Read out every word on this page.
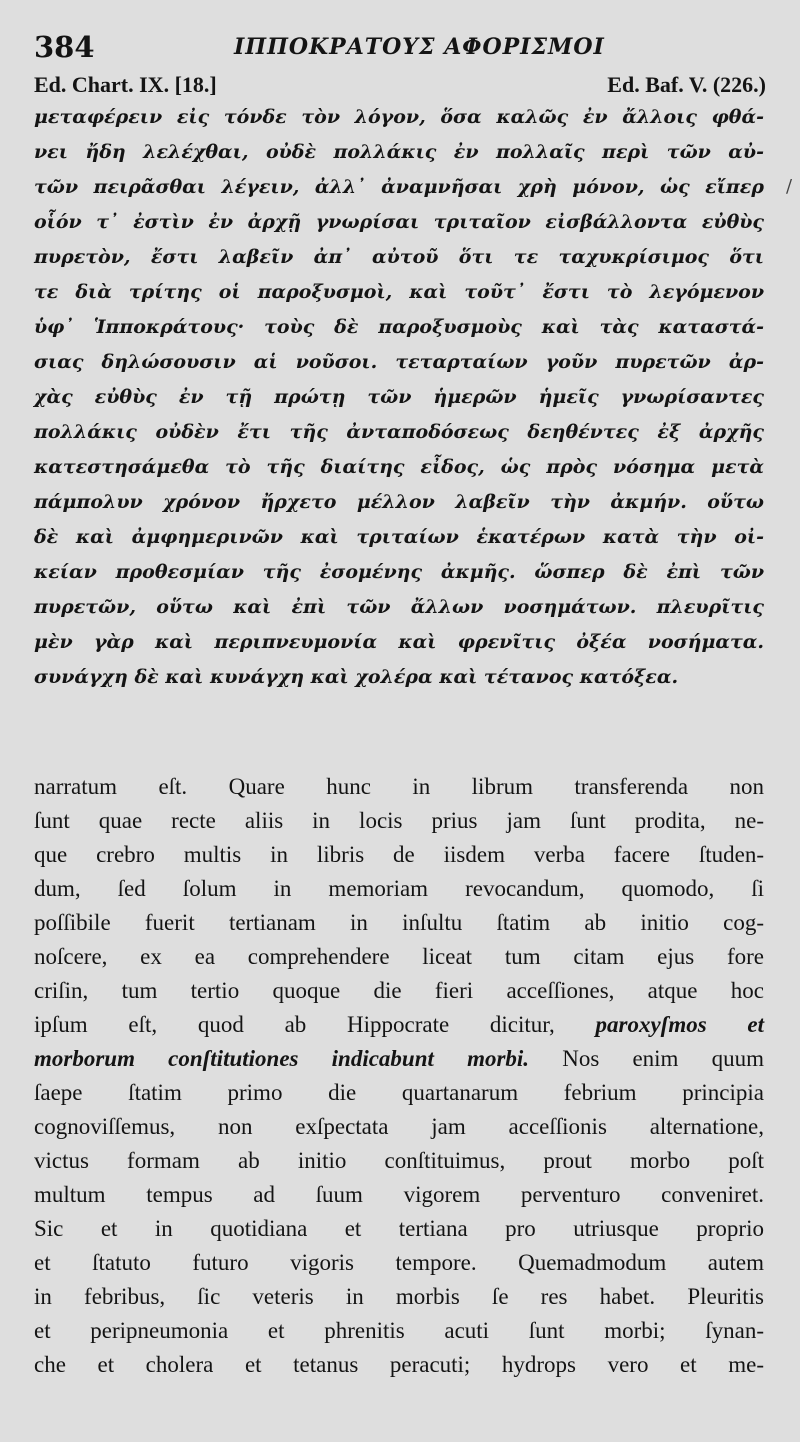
384	ΙΠΠΟΚΡΑΤΟΥΣ ΑΦΟΡΙΣΜΟΙ
Ed. Chart. IX. [18.]	Ed. Baf. V. (226.)
μεταφέρειν εἰς τόνδε τὸν λόγον, ὅσα καλῶς ἐν ἄλλοις φθά-
νει ἤδη λελέχθαι, οὐδὲ πολλάκις ἐν πολλαῖς περὶ τῶν αὐ-
τῶν πειρᾶσθαι λέγειν, ἀλλ᾿ ἀναμνῆσαι χρὴ μόνον, ὡς εἴπερ
οἷόν τ᾿ ἐστὶν ἐν ἀρχῇ γνωρίσαι τριταῖον εἰσβάλλοντα εὐθὺς
πυρετὸν, ἔστι λαβεῖν ἀπ᾿ αὐτοῦ ὅτι τε ταχυκρίσιμος ὅτι
τε διὰ τρίτης οἱ παροξυσμοὶ, καὶ τοῦτ᾿ ἔστι τὸ λεγόμενον
ὑφ᾿ Ἱπποκράτους· τοὺς δὲ παροξυσμοὺς καὶ τὰς καταστά-
σιας δηλώσουσιν αἱ νοῦσοι. τεταρταίων γοῦν πυρετῶν ἀρ-
χὰς εὐθὺς ἐν τῇ πρώτῃ τῶν ἡμερῶν ἡμεῖς γνωρίσαντες
πολλάκις οὐδὲν ἔτι τῆς ἀνταποδόσεως δεηθέντες ἐξ ἀρχῆς
κατεστησάμεθα τὸ τῆς διαίτης εἶδος, ὡς πρὸς νόσημα μετὰ
πάμπολυν χρόνον ἤρχετο μέλλον λαβεῖν τὴν ἀκμήν. οὕτω
δὲ καὶ ἀμφημερινῶν καὶ τριταίων ἑκατέρων κατὰ τὴν οἰ-
κείαν προθεσμίαν τῆς ἐσομένης ἀκμῆς. ὥσπερ δὲ ἐπὶ τῶν
πυρετῶν, οὕτω καὶ ἐπὶ τῶν ἄλλων νοσημάτων. πλευρῖτις
μὲν γὰρ καὶ περιπνευμονία καὶ φρενῖτις ὀξέα νοσήματα.
συνάγχη δὲ καὶ κυνάγχη καὶ χολέρα καὶ τέτανος κατόξεα.
narratum eſt. Quare hunc in librum transferenda non
ſunt quae recte aliis in locis prius jam ſunt prodita, ne-
que crebro multis in libris de iisdem verba facere ſtuden-
dum, ſed ſolum in memoriam revocandum, quomodo, ſi
poſſibile fuerit tertianam in inſultu ſtatim ab initio cog-
noſcere, ex ea comprehendere liceat tum citam ejus fore
criſin, tum tertio quoque die fieri acceſſiones, atque hoc
ipſum eſt, quod ab Hippocrate dicitur, paroxyſmos et
morborum conſtitutiones indicabunt morbi. Nos enim quum
ſaepe ſtatim primo die quartanarum febrium principia
cognoviſſemus, non exſpectata jam acceſſionis alternatione,
victus formam ab initio conſtituimus, prout morbo poſt
multum tempus ad ſuum vigorem perventuro conveniret.
Sic et in quotidiana et tertiana pro utriusque proprio
et ſtatuto futuro vigoris tempore. Quemadmodum autem
in febribus, ſic veteris in morbis ſe res habet. Pleuritis
et peripneumonia et phrenitis acuti ſunt morbi; ſynan-
che et cholera et tetanus peracuti; hydrops vero et me-
/
